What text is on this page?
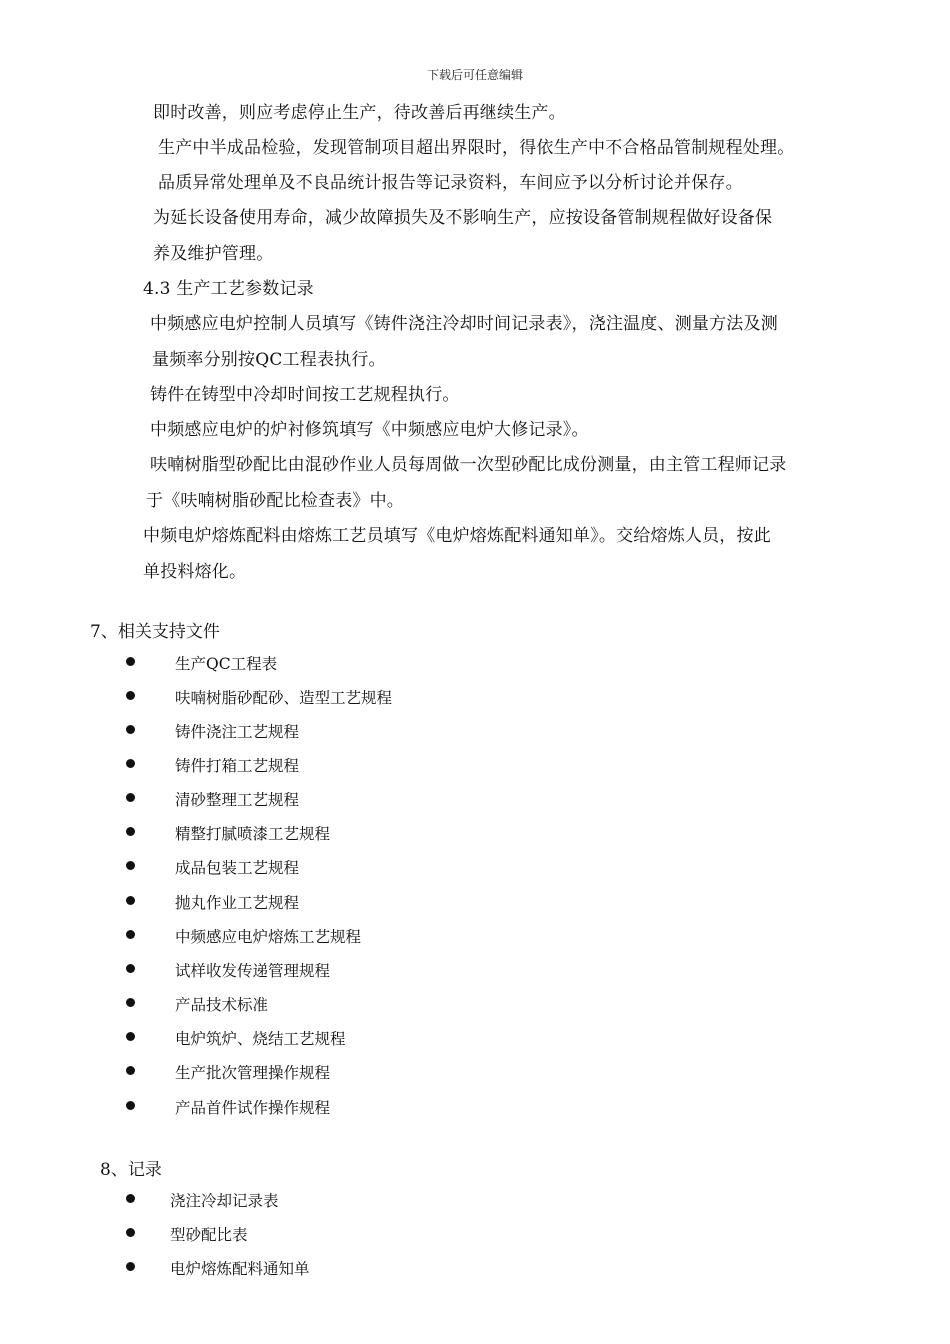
下载后可任意编辑
即时改善，则应考虑停止生产，待改善后再继续生产。
生产中半成品检验，发现管制项目超出界限时，得依生产中不合格品管制规程处理。
品质异常处理单及不良品统计报告等记录资料，车间应予以分析讨论并保存。
为延长设备使用寿命，减少故障损失及不影响生产，应按设备管制规程做好设备保
养及维护管理。
4.3 生产工艺参数记录
中频感应电炉控制人员填写《铸件浇注冷却时间记录表》，浇注温度、测量方法及测
量频率分别按QC工程表执行。
铸件在铸型中冷却时间按工艺规程执行。
中频感应电炉的炉衬修筑填写《中频感应电炉大修记录》。
呋喃树脂型砂配比由混砂作业人员每周做一次型砂配比成份测量，由主管工程师记录
于《呋喃树脂砂配比检查表》中。
中频电炉熔炼配料由熔炼工艺员填写《电炉熔炼配料通知单》。交给熔炼人员，按此
单投料熔化。
7、相关支持文件
生产QC工程表
呋喃树脂砂配砂、造型工艺规程
铸件浇注工艺规程
铸件打箱工艺规程
清砂整理工艺规程
精整打腻喷漆工艺规程
成品包装工艺规程
抛丸作业工艺规程
中频感应电炉熔炼工艺规程
试样收发传递管理规程
产品技术标准
电炉筑炉、烧结工艺规程
生产批次管理操作规程
产品首件试作操作规程
8、记录
浇注冷却记录表
型砂配比表
电炉熔炼配料通知单
